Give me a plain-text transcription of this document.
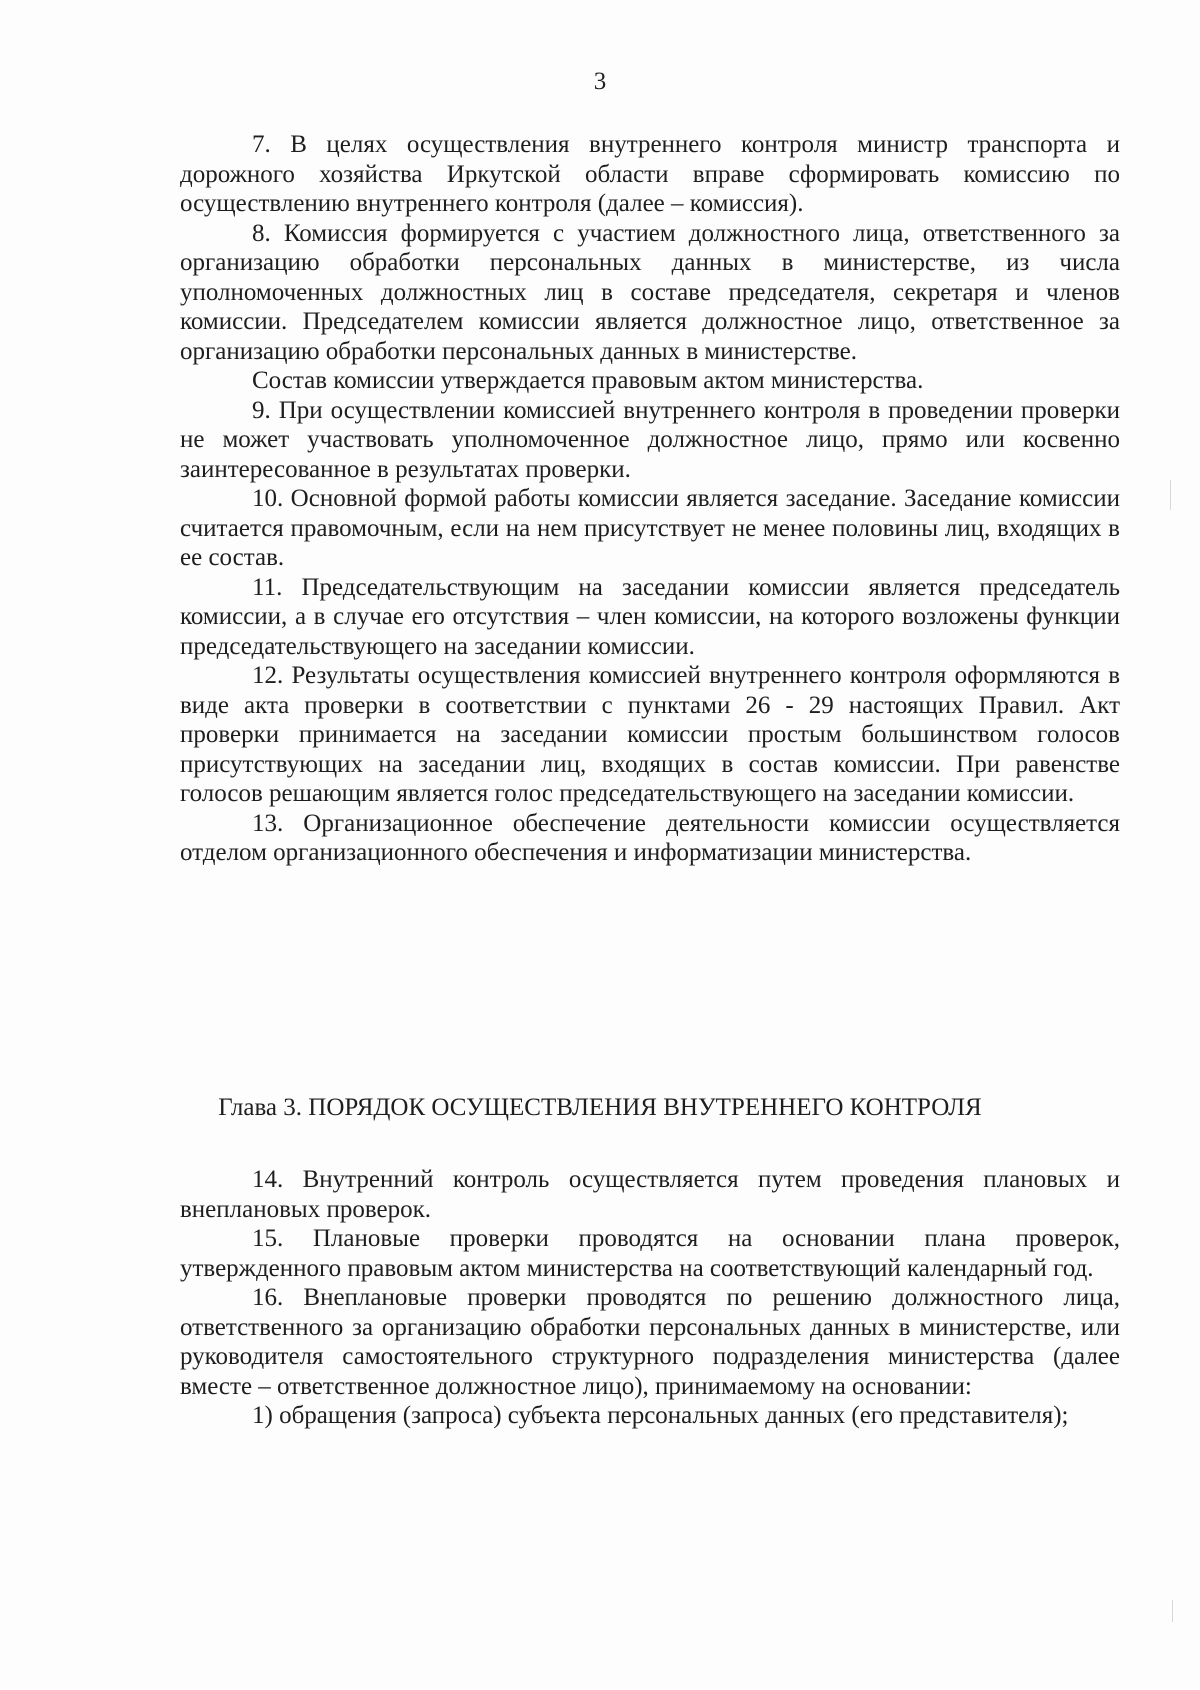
3

7. В целях осуществления внутреннего контроля министр транспорта и дорожного хозяйства Иркутской области вправе сформировать комиссию по осуществлению внутреннего контроля (далее – комиссия).

8. Комиссия формируется с участием должностного лица, ответственного за организацию обработки персональных данных в министерстве, из числа уполномоченных должностных лиц в составе председателя, секретаря и членов комиссии. Председателем комиссии является должностное лицо, ответственное за организацию обработки персональных данных в министерстве.

Состав комиссии утверждается правовым актом министерства.

9. При осуществлении комиссией внутреннего контроля в проведении проверки не может участвовать уполномоченное должностное лицо, прямо или косвенно заинтересованное в результатах проверки.

10. Основной формой работы комиссии является заседание. Заседание комиссии считается правомочным, если на нем присутствует не менее половины лиц, входящих в ее состав.

11. Председательствующим на заседании комиссии является председатель комиссии, а в случае его отсутствия – член комиссии, на которого возложены функции председательствующего на заседании комиссии.

12. Результаты осуществления комиссией внутреннего контроля оформляются в виде акта проверки в соответствии с пунктами 26 - 29 настоящих Правил. Акт проверки принимается на заседании комиссии простым большинством голосов присутствующих на заседании лиц, входящих в состав комиссии. При равенстве голосов решающим является голос председательствующего на заседании комиссии.

13. Организационное обеспечение деятельности комиссии осуществляется отделом организационного обеспечения и информатизации министерства.

Глава 3. ПОРЯДОК ОСУЩЕСТВЛЕНИЯ ВНУТРЕННЕГО КОНТРОЛЯ

14. Внутренний контроль осуществляется путем проведения плановых и внеплановых проверок.

15. Плановые проверки проводятся на основании плана проверок, утвержденного правовым актом министерства на соответствующий календарный год.

16. Внеплановые проверки проводятся по решению должностного лица, ответственного за организацию обработки персональных данных в министерстве, или руководителя самостоятельного структурного подразделения министерства (далее вместе – ответственное должностное лицо), принимаемому на основании:

1) обращения (запроса) субъекта персональных данных (его представителя);
